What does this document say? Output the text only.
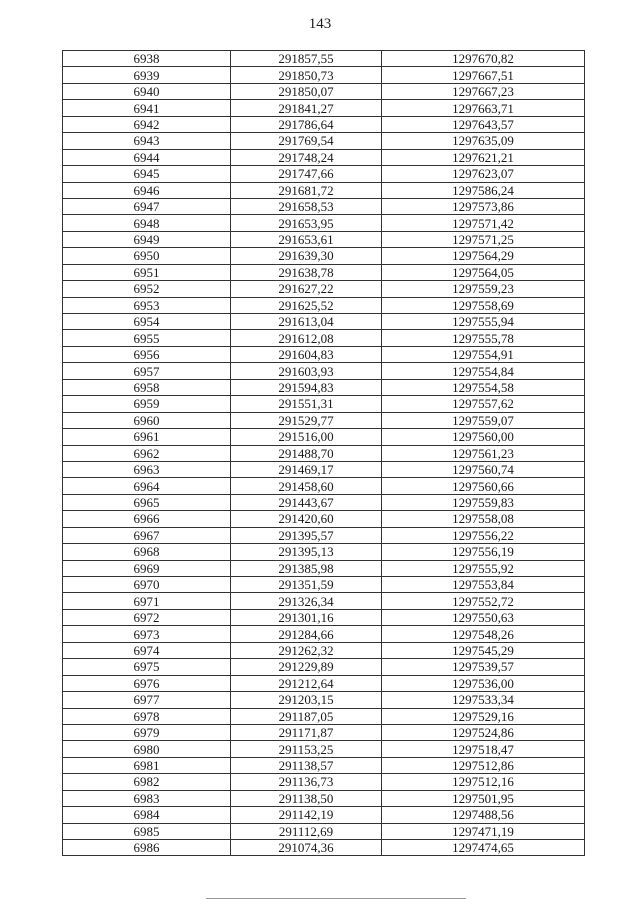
143
6938	291857,55	1297670,82
6939	291850,73	1297667,51
6940	291850,07	1297667,23
6941	291841,27	1297663,71
6942	291786,64	1297643,57
6943	291769,54	1297635,09
6944	291748,24	1297621,21
6945	291747,66	1297623,07
6946	291681,72	1297586,24
6947	291658,53	1297573,86
6948	291653,95	1297571,42
6949	291653,61	1297571,25
6950	291639,30	1297564,29
6951	291638,78	1297564,05
6952	291627,22	1297559,23
6953	291625,52	1297558,69
6954	291613,04	1297555,94
6955	291612,08	1297555,78
6956	291604,83	1297554,91
6957	291603,93	1297554,84
6958	291594,83	1297554,58
6959	291551,31	1297557,62
6960	291529,77	1297559,07
6961	291516,00	1297560,00
6962	291488,70	1297561,23
6963	291469,17	1297560,74
6964	291458,60	1297560,66
6965	291443,67	1297559,83
6966	291420,60	1297558,08
6967	291395,57	1297556,22
6968	291395,13	1297556,19
6969	291385,98	1297555,92
6970	291351,59	1297553,84
6971	291326,34	1297552,72
6972	291301,16	1297550,63
6973	291284,66	1297548,26
6974	291262,32	1297545,29
6975	291229,89	1297539,57
6976	291212,64	1297536,00
6977	291203,15	1297533,34
6978	291187,05	1297529,16
6979	291171,87	1297524,86
6980	291153,25	1297518,47
6981	291138,57	1297512,86
6982	291136,73	1297512,16
6983	291138,50	1297501,95
6984	291142,19	1297488,56
6985	291112,69	1297471,19
6986	291074,36	1297474,65
